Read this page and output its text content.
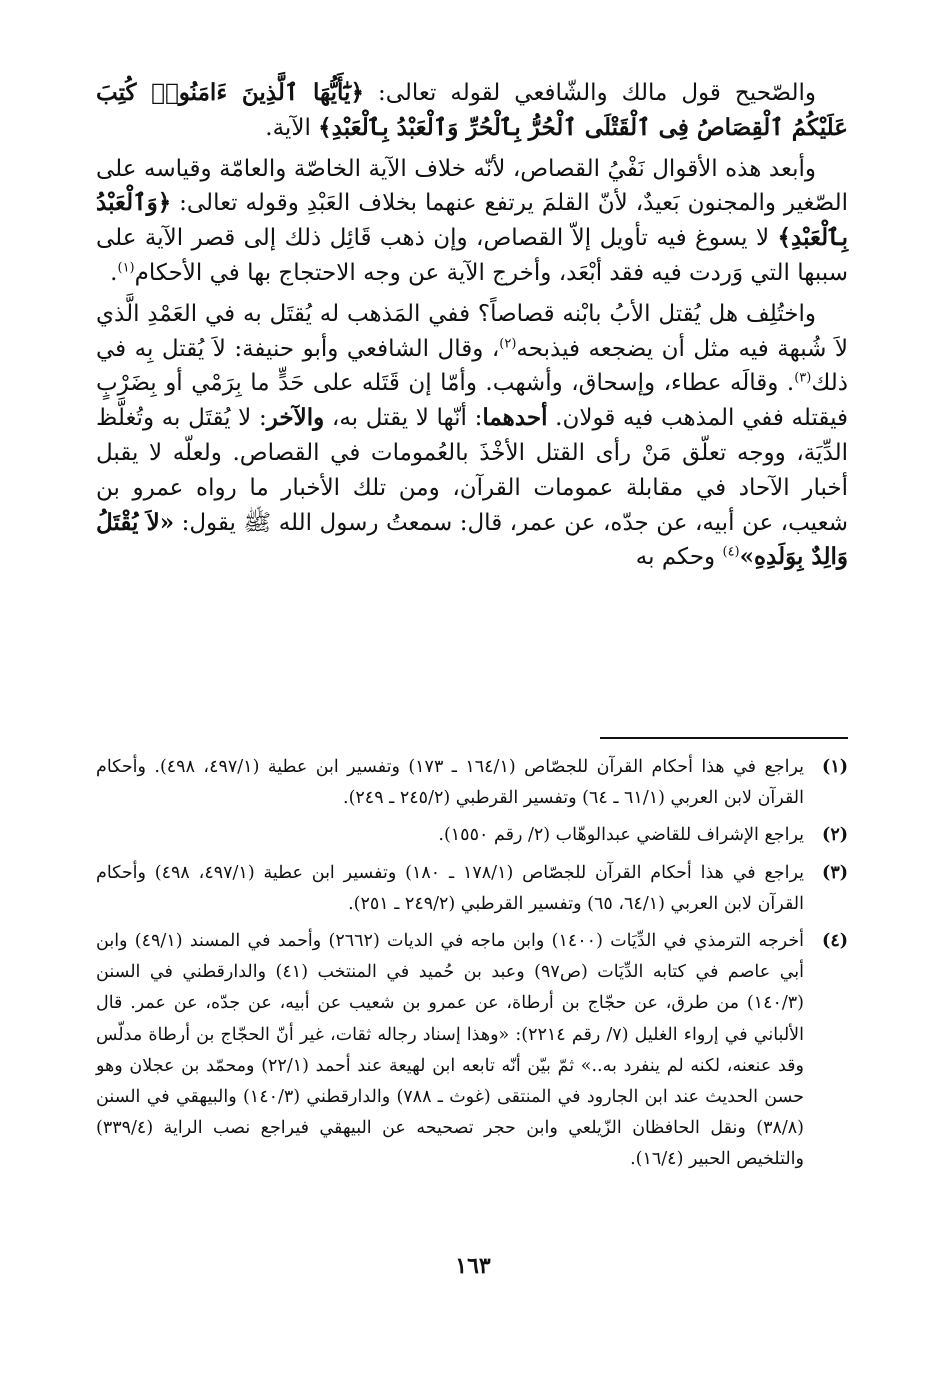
والصّحيح قول مالك والشّافعي لقوله تعالى: ﴿يَٰٓأَيُّهَا ٱلَّذِينَ ءَامَنُوا۟ كُتِبَ عَلَيْكُمُ ٱلْقِصَاصُ فِى ٱلْقَتْلَى ٱلْحُرُّ بِٱلْحُرِّ وَٱلْعَبْدُ بِٱلْعَبْدِ﴾ الآية.

وأبعد هذه الأقوال نَفْيُ القصاص، لأنّه خلاف الآية الخاصّة والعامّة وقياسه على الصّغير والمجنون بَعيدٌ، لأنّ القلمَ يرتفع عنهما بخلاف العَبْدِ وقوله تعالى: ﴿وَٱلْعَبْدُ بِٱلْعَبْدِ﴾ لا يسوغ فيه تأويل إلاّ القصاص، وإن ذهب قَائِل ذلك إلى قصر الآية على سببها التي وَردت فيه فقد أبْعَد، وأخرج الآية عن وجه الاحتجاج بها في الأحكام$^{(١)}$.

واختُلِف هل يُقتل الأبُ بابْنه قصاصاً؟ ففي المَذهب له يُقتَل به في العَمْدِ الَّذي لاَ شُبهة فيه مثل أن يضجعه فيذبحه$^{(٢)}$، وقال الشافعي وأبو حنيفة: لاَ يُقتل بِه في ذلك$^{(٣)}$. وقالَه عطاء، وإسحاق، وأشهب. وأمّا إن قَتَله على حَدٍّ ما بِرَمْي أو بِضَرْبٍ فيقتله ففي المذهب فيه قولان. أحدهما: أنّها لا يقتل به، والآخر: لا يُقتَل به وتُغلَّظ الدِّيَة، ووجه تعلّق مَنْ رأى القتل الأخْذَ بالعُمومات في القصاص. ولعلّه لا يقبل أخبار الآحاد في مقابلة عمومات القرآن، ومن تلك الأخبار ما رواه عمرو بن شعيب، عن أبيه، عن جدّه، عن عمر، قال: سمعتُ رسول الله ﷺ يقول: «لاَ يُقْتَلُ وَالِدٌ بِوَلَدِهِ»$^{(٤)}$ وحكم به

(١)
يراجع في هذا أحكام القرآن للجصّاص (١٦٤/١ ـ ١٧٣) وتفسير ابن عطية (٤٩٧/١، ٤٩٨). وأحكام القرآن لابن العربي (٦١/١ ـ ٦٤) وتفسير القرطبي (٢٤٥/٢ ـ ٢٤٩).
(٢)
يراجع الإشراف للقاضي عبدالوهّاب (٢/ رقم ١٥٥٠).
(٣)
يراجع في هذا أحكام القرآن للجصّاص (١٧٨/١ ـ ١٨٠) وتفسير ابن عطية (٤٩٧/١، ٤٩٨) وأحكام القرآن لابن العربي (٦٤/١، ٦٥) وتفسير القرطبي (٢٤٩/٢ ـ ٢٥١).
(٤)
أخرجه الترمذي في الدِّيَات (١٤٠٠) وابن ماجه في الديات (٢٦٦٢) وأحمد في المسند (٤٩/١) وابن أبي عاصم في كتابه الدِّيَات (ص٩٧) وعبد بن حُميد في المنتخب (٤١) والدارقطني في السنن (١٤٠/٣) من طرق، عن حجّاج بن أرطاة، عن عمرو بن شعيب عن أبيه، عن جدّه، عن عمر. قال الألباني في إرواء الغليل (٧/ رقم ٢٢١٤): «وهذا إسناد رجاله ثقات، غير أنّ الحجّاج بن أرطاة مدلّس وقد عنعنه، لكنه لم ينفرد به..» ثمّ بيّن أنّه تابعه ابن لهيعة عند أحمد (٢٢/١) ومحمّد بن عجلان وهو حسن الحديث عند ابن الجارود في المنتقى (غوث ـ ٧٨٨) والدارقطني (١٤٠/٣) والبيهقي في السنن (٣٨/٨) ونقل الحافظان الزّيلعي وابن حجر تصحيحه عن البيهقي فيراجع نصب الراية (٣٣٩/٤) والتلخيص الحبير (١٦/٤).
١٦٣
